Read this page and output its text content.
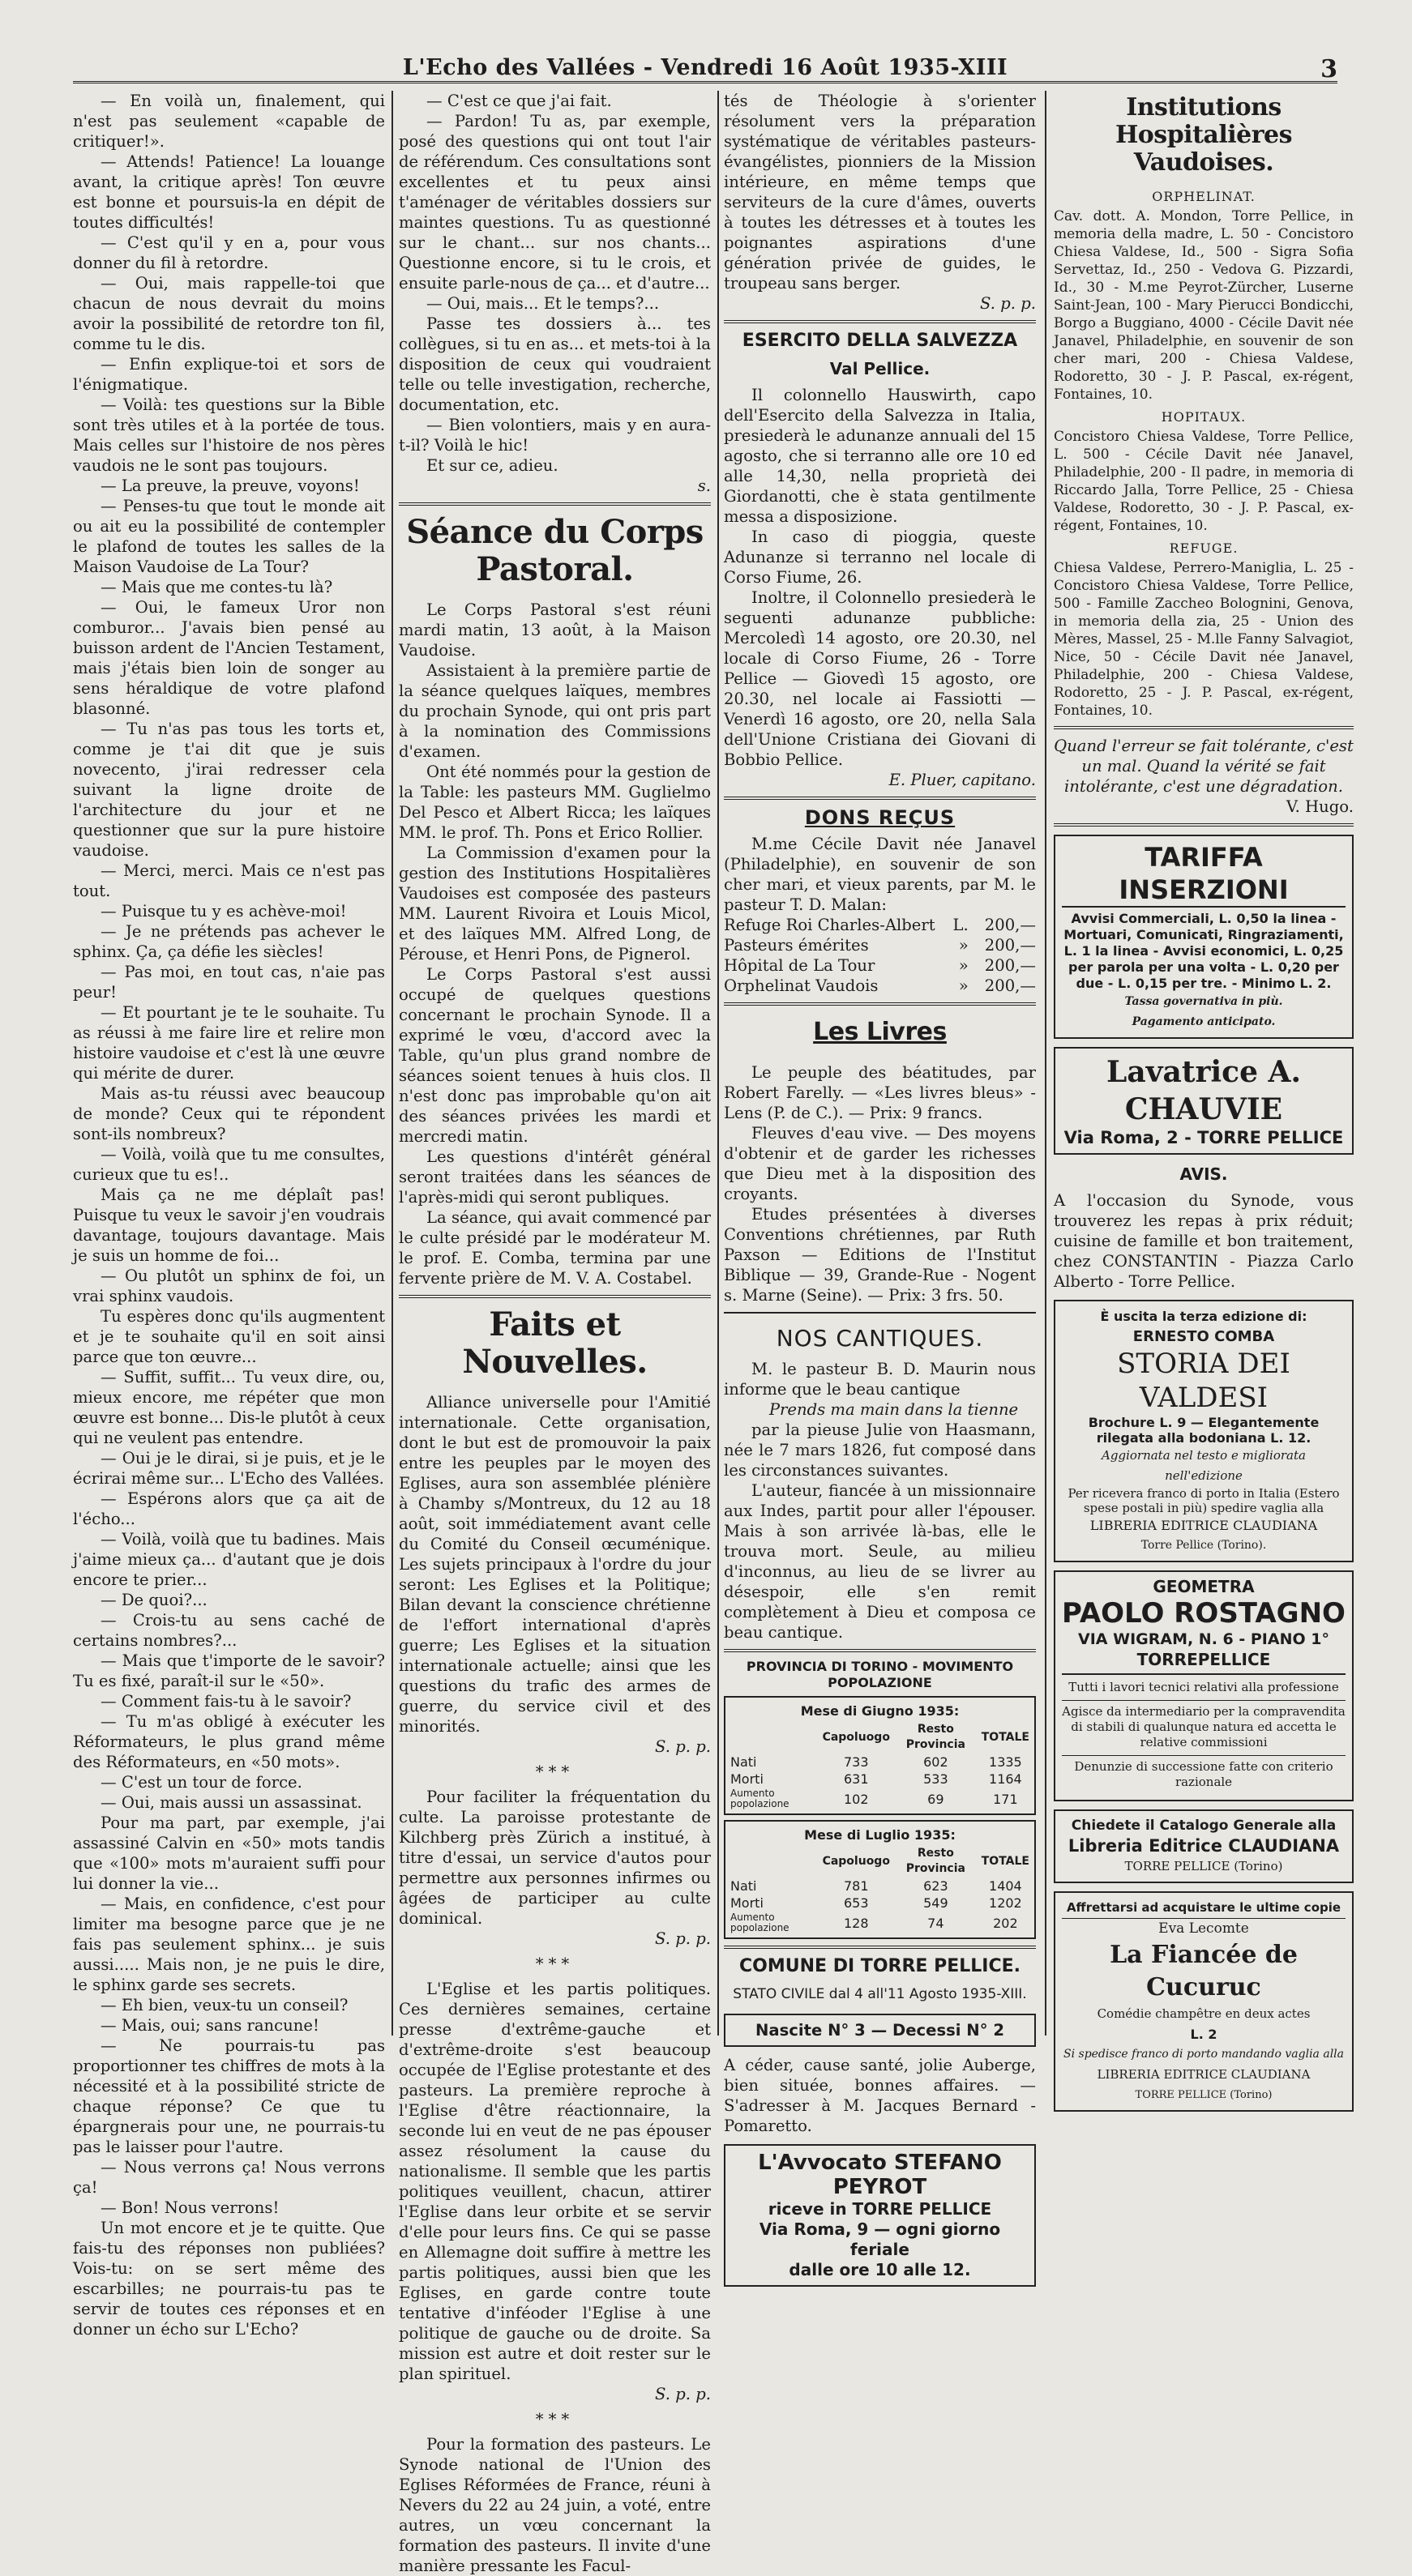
L'Echo des Vallées - Vendredi 16 Août 1935-XIII	3

— En voilà un, finalement, qui n'est pas seulement «capable de critiquer!».

— Attends! Patience! La louange avant, la critique après! Ton œuvre est bonne et poursuis-la en dépit de toutes difficultés!

— C'est qu'il y en a, pour vous donner du fil à retordre.

— Oui, mais rappelle-toi que chacun de nous devrait du moins avoir la possibilité de retordre ton fil, comme tu le dis.

— Enfin explique-toi et sors de l'énigmatique.

— Voilà: tes questions sur la Bible sont très utiles et à la portée de tous. Mais celles sur l'histoire de nos pères vaudois ne le sont pas toujours.

— La preuve, la preuve, voyons!

— Penses-tu que tout le monde ait ou ait eu la possibilité de contempler le plafond de toutes les salles de la Maison Vaudoise de La Tour?

— Mais que me contes-tu là?

— Oui, le fameux Uror non comburor... J'avais bien pensé au buisson ardent de l'Ancien Testament, mais j'étais bien loin de songer au sens héraldique de votre plafond blasonné.

— Tu n'as pas tous les torts et, comme je t'ai dit que je suis novecento, j'irai redresser cela suivant la ligne droite de l'architecture du jour et ne questionner que sur la pure histoire vaudoise.

— Merci, merci. Mais ce n'est pas tout.

— Puisque tu y es achève-moi!

— Je ne prétends pas achever le sphinx. Ça, ça défie les siècles!

— Pas moi, en tout cas, n'aie pas peur!

— Et pourtant je te le souhaite. Tu as réussi à me faire lire et relire mon histoire vaudoise et c'est là une œuvre qui mérite de durer.

Mais as-tu réussi avec beaucoup de monde? Ceux qui te répondent sont-ils nombreux?

— Voilà, voilà que tu me consultes, curieux que tu es!..

Mais ça ne me déplaît pas! Puisque tu veux le savoir j'en voudrais davantage, toujours davantage. Mais je suis un homme de foi...

— Ou plutôt un sphinx de foi, un vrai sphinx vaudois.

Tu espères donc qu'ils augmentent et je te souhaite qu'il en soit ainsi parce que ton œuvre...

— Suffit, suffit... Tu veux dire, ou, mieux encore, me répéter que mon œuvre est bonne... Dis-le plutôt à ceux qui ne veulent pas entendre.

— Oui je le dirai, si je puis, et je le écrirai même sur... L'Echo des Vallées.

— Espérons alors que ça ait de l'écho...

— Voilà, voilà que tu badines. Mais j'aime mieux ça... d'autant que je dois encore te prier...

— De quoi?...

— Crois-tu au sens caché de certains nombres?...

— Mais que t'importe de le savoir? Tu es fixé, paraît-il sur le «50».

— Comment fais-tu à le savoir?

— Tu m'as obligé à exécuter les Réformateurs, le plus grand même des Réformateurs, en «50 mots».

— C'est un tour de force.

— Oui, mais aussi un assassinat.

Pour ma part, par exemple, j'ai assassiné Calvin en «50» mots tandis que «100» mots m'auraient suffi pour lui donner la vie...

— Mais, en confidence, c'est pour limiter ma besogne parce que je ne fais pas seulement sphinx... je suis aussi..... Mais non, je ne puis le dire, le sphinx garde ses secrets.

— Eh bien, veux-tu un conseil?

— Mais, oui; sans rancune!

— Ne pourrais-tu pas proportionner tes chiffres de mots à la nécessité et à la possibilité stricte de chaque réponse? Ce que tu épargnerais pour une, ne pourrais-tu pas le laisser pour l'autre.

— Nous verrons ça! Nous verrons ça!

— Bon! Nous verrons!

Un mot encore et je te quitte. Que fais-tu des réponses non publiées? Vois-tu: on se sert même des escarbilles; ne pourrais-tu pas te servir de toutes ces réponses et en donner un écho sur L'Echo?

— C'est ce que j'ai fait.

— Pardon! Tu as, par exemple, posé des questions qui ont tout l'air de référendum. Ces consultations sont excellentes et tu peux ainsi t'aménager de véritables dossiers sur maintes questions. Tu as questionné sur le chant... sur nos chants... Questionne encore, si tu le crois, et ensuite parle-nous de ça... et d'autre...

— Oui, mais... Et le temps?...

Passe tes dossiers à... tes collègues, si tu en as... et mets-toi à la disposition de ceux qui voudraient telle ou telle investigation, recherche, documentation, etc.

— Bien volontiers, mais y en aura-t-il? Voilà le hic!

Et sur ce, adieu.

s.

Séance du Corps Pastoral.

Le Corps Pastoral s'est réuni mardi matin, 13 août, à la Maison Vaudoise.

Assistaient à la première partie de la séance quelques laïques, membres du prochain Synode, qui ont pris part à la nomination des Commissions d'examen.

Ont été nommés pour la gestion de la Table: les pasteurs MM. Guglielmo Del Pesco et Albert Ricca; les laïques MM. le prof. Th. Pons et Erico Rollier.

La Commission d'examen pour la gestion des Institutions Hospitalières Vaudoises est composée des pasteurs MM. Laurent Rivoira et Louis Micol, et des laïques MM. Alfred Long, de Pérouse, et Henri Pons, de Pignerol.

Le Corps Pastoral s'est aussi occupé de quelques questions concernant le prochain Synode. Il a exprimé le vœu, d'accord avec la Table, qu'un plus grand nombre de séances soient tenues à huis clos. Il n'est donc pas improbable qu'on ait des séances privées les mardi et mercredi matin.

Les questions d'intérêt général seront traitées dans les séances de l'après-midi qui seront publiques.

La séance, qui avait commencé par le culte présidé par le modérateur M. le prof. E. Comba, termina par une fervente prière de M. V. A. Costabel.

Faits et Nouvelles.

Alliance universelle pour l'Amitié internationale. Cette organisation, dont le but est de promouvoir la paix entre les peuples par le moyen des Eglises, aura son assemblée plénière à Chamby s/Montreux, du 12 au 18 août, soit immédiatement avant celle du Comité du Conseil œcuménique. Les sujets principaux à l'ordre du jour seront: Les Eglises et la Politique; Bilan devant la conscience chrétienne de l'effort international d'après guerre; Les Eglises et la situation internationale actuelle; ainsi que les questions du trafic des armes de guerre, du service civil et des minorités.

S. p. p.

***

Pour faciliter la fréquentation du culte. La paroisse protestante de Kilchberg près Zürich a institué, à titre d'essai, un service d'autos pour permettre aux personnes infirmes ou âgées de participer au culte dominical.

S. p. p.

***

L'Eglise et les partis politiques. Ces dernières semaines, certaine presse d'extrême-gauche et d'extrême-droite s'est beaucoup occupée de l'Eglise protestante et des pasteurs. La première reproche à l'Eglise d'être réactionnaire, la seconde lui en veut de ne pas épouser assez résolument la cause du nationalisme. Il semble que les partis politiques veuillent, chacun, attirer l'Eglise dans leur orbite et se servir d'elle pour leurs fins. Ce qui se passe en Allemagne doit suffire à mettre les partis politiques, aussi bien que les Eglises, en garde contre toute tentative d'inféoder l'Eglise à une politique de gauche ou de droite. Sa mission est autre et doit rester sur le plan spirituel.

S. p. p.

***

Pour la formation des pasteurs. Le Synode national de l'Union des Eglises Réformées de France, réuni à Nevers du 22 au 24 juin, a voté, entre autres, un vœu concernant la formation des pasteurs. Il invite d'une manière pressante les Facul-

tés de Théologie à s'orienter résolument vers la préparation systématique de véritables pasteurs-évangélistes, pionniers de la Mission intérieure, en même temps que serviteurs de la cure d'âmes, ouverts à toutes les détresses et à toutes les poignantes aspirations d'une génération privée de guides, le troupeau sans berger.

S. p. p.

ESERCITO DELLA SALVEZZA
Val Pellice.

Il colonnello Hauswirth, capo dell'Esercito della Salvezza in Italia, presiederà le adunanze annuali del 15 agosto, che si terranno alle ore 10 ed alle 14,30, nella proprietà dei Giordanotti, che è stata gentilmente messa a disposizione.

In caso di pioggia, queste Adunanze si terranno nel locale di Corso Fiume, 26.

Inoltre, il Colonnello presiederà le seguenti adunanze pubbliche: Mercoledì 14 agosto, ore 20.30, nel locale di Corso Fiume, 26 - Torre Pellice — Giovedì 15 agosto, ore 20.30, nel locale ai Fassiotti — Venerdì 16 agosto, ore 20, nella Sala dell'Unione Cristiana dei Giovani di Bobbio Pellice.

E. Pluer, capitano.

DONS REÇUS

M.me Cécile Davit née Janavel (Philadelphie), en souvenir de son cher mari, et vieux parents, par M. le pasteur T. D. Malan:

Refuge Roi Charles-Albert L. 200,—
Pasteurs émérites	» 200,—
Hôpital de La Tour	» 200,—
Orphelinat Vaudois	» 200,—
Les Livres

Le peuple des béatitudes, par Robert Farelly. — «Les livres bleus» - Lens (P. de C.). — Prix: 9 francs.

Fleuves d'eau vive. — Des moyens d'obtenir et de garder les richesses que Dieu met à la disposition des croyants.

Etudes présentées à diverses Conventions chrétiennes, par Ruth Paxson — Editions de l'Institut Biblique — 39, Grande-Rue - Nogent s. Marne (Seine). — Prix: 3 frs. 50.

NOS CANTIQUES.

M. le pasteur B. D. Maurin nous informe que le beau cantique

Prends ma main dans la tienne

par la pieuse Julie von Haasmann, née le 7 mars 1826, fut composé dans les circonstances suivantes.

L'auteur, fiancée à un missionnaire aux Indes, partit pour aller l'épouser. Mais à son arrivée là-bas, elle le trouva mort. Seule, au milieu d'inconnus, au lieu de se livrer au désespoir, elle s'en remit complètement à Dieu et composa ce beau cantique.

PROVINCIA DI TORINO - MOVIMENTO POPOLAZIONE
Mese di Giugno 1935:
	Capoluogo	Resto Provincia	TOTALE
Nati	733	602	1335
Morti	631	533	1164
Aumento popolazione	102	69	171
Mese di Luglio 1935:
	Capoluogo	Resto Provincia	TOTALE
Nati	781	623	1404
Morti	653	549	1202
Aumento popolazione	128	74	202
COMUNE DI TORRE PELLICE.
STATO CIVILE dal 4 all'11 Agosto 1935-XIII.
Nascite N° 3 — Decessi N° 2

A céder, cause santé, jolie Auberge, bien située, bonnes affaires. — S'adresser à M. Jacques Bernard - Pomaretto.

L'Avvocato STEFANO PEYROT
riceve in TORRE PELLICE
Via Roma, 9 — ogni giorno feriale
dalle ore 10 alle 12.
Institutions Hospitalières Vaudoises.
ORPHELINAT.

Cav. dott. A. Mondon, Torre Pellice, in memoria della madre, L. 50 - Concistoro Chiesa Valdese, Id., 500 - Sigra Sofia Servettaz, Id., 250 - Vedova G. Pizzardi, Id., 30 - M.me Peyrot-Zürcher, Luserne Saint-Jean, 100 - Mary Pierucci Bondicchi, Borgo a Buggiano, 4000 - Cécile Davit née Janavel, Philadelphie, en souvenir de son cher mari, 200 - Chiesa Valdese, Rodoretto, 30 - J. P. Pascal, ex-régent, Fontaines, 10.

HOPITAUX.

Concistoro Chiesa Valdese, Torre Pellice, L. 500 - Cécile Davit née Janavel, Philadelphie, 200 - Il padre, in memoria di Riccardo Jalla, Torre Pellice, 25 - Chiesa Valdese, Rodoretto, 30 - J. P. Pascal, ex-régent, Fontaines, 10.

REFUGE.

Chiesa Valdese, Perrero-Maniglia, L. 25 - Concistoro Chiesa Valdese, Torre Pellice, 500 - Famille Zaccheo Bolognini, Genova, in memoria della zia, 25 - Union des Mères, Massel, 25 - M.lle Fanny Salvagiot, Nice, 50 - Cécile Davit née Janavel, Philadelphie, 200 - Chiesa Valdese, Rodoretto, 25 - J. P. Pascal, ex-régent, Fontaines, 10.

Quand l'erreur se fait tolérante, c'est un mal. Quand la vérité se fait intolérante, c'est une dégradation.

V. Hugo.

TARIFFA INSERZIONI
Avvisi Commerciali, L. 0,50 la linea - Mortuari, Comunicati, Ringraziamenti, L. 1 la linea - Avvisi economici, L. 0,25 per parola per una volta - L. 0,20 per due - L. 0,15 per tre. - Minimo L. 2.
Tassa governativa in più.
Pagamento anticipato.
Lavatrice A. CHAUVIE
Via Roma, 2 - TORRE PELLICE
AVIS.

A l'occasion du Synode, vous trouverez les repas à prix réduit; cuisine de famille et bon traitement, chez CONSTANTIN - Piazza Carlo Alberto - Torre Pellice.

È uscita la terza edizione di:
ERNESTO COMBA
STORIA DEI VALDESI
Brochure L. 9 — Elegantemente rilegata alla bodoniana L. 12.
Aggiornata nel testo e migliorata nell'edizione
Per ricevera franco di porto in Italia (Estero spese postali in più) spedire vaglia alla
LIBRERIA EDITRICE CLAUDIANA
Torre Pellice (Torino).
GEOMETRA
PAOLO ROSTAGNO
VIA WIGRAM, N. 6 - PIANO 1°
TORREPELLICE
Tutti i lavori tecnici relativi alla professione
Agisce da intermediario per la compravendita di stabili di qualunque natura ed accetta le relative commissioni
Denunzie di successione fatte con criterio razionale
Chiedete il Catalogo Generale alla
Libreria Editrice CLAUDIANA
TORRE PELLICE (Torino)
Affrettarsi ad acquistare le ultime copie
Eva Lecomte
La Fiancée de Cucuruc
Comédie champêtre en deux actes
L. 2
Si spedisce franco di porto mandando vaglia alla
LIBRERIA EDITRICE CLAUDIANA
TORRE PELLICE (Torino)
